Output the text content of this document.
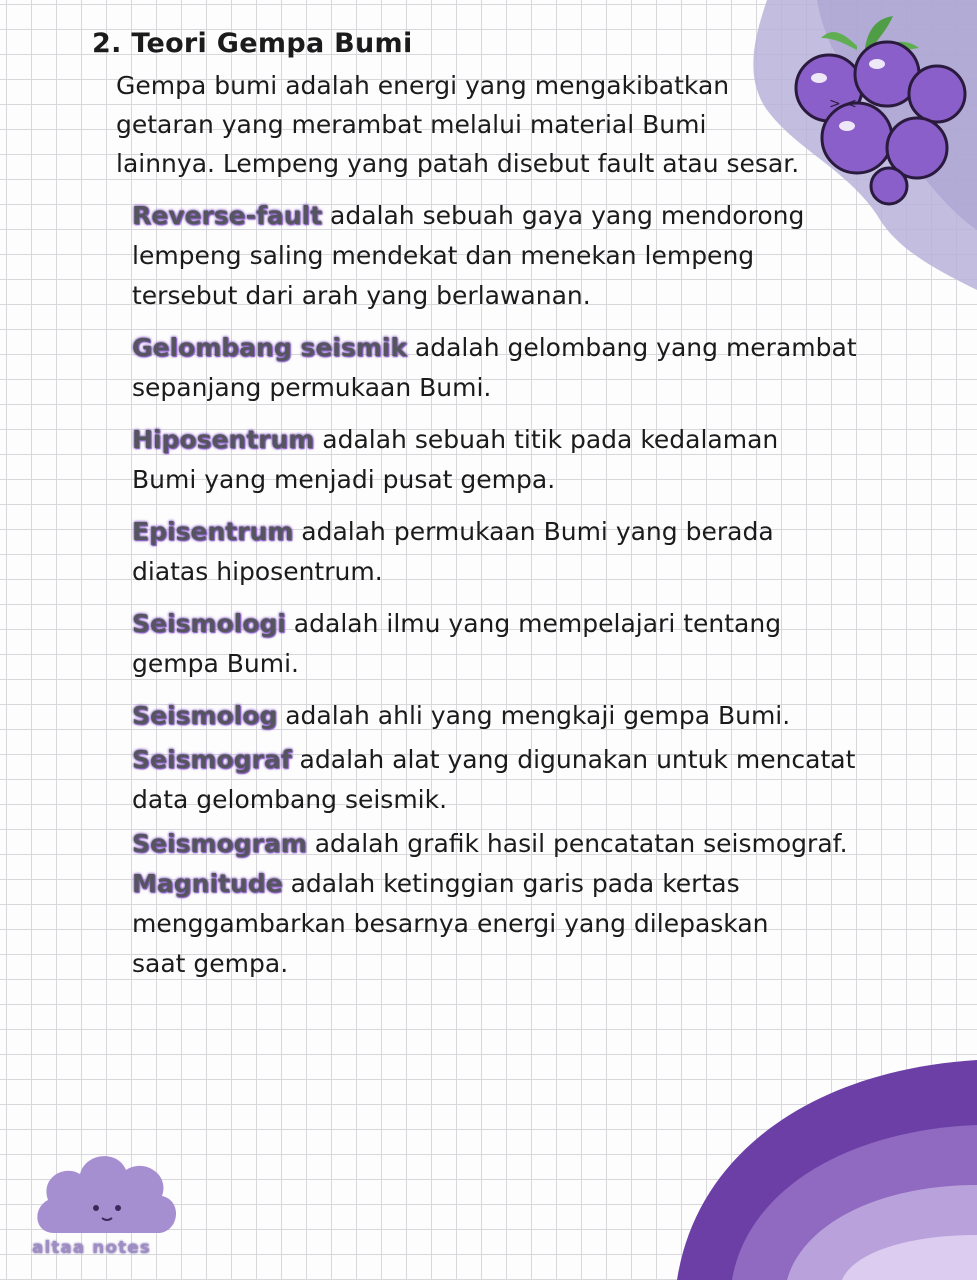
> <
2. Teori Gempa Bumi

Gempa bumi adalah energi yang mengakibatkan

getaran yang merambat melalui material Bumi

lainnya. Lempeng yang patah disebut fault atau sesar.

Reverse-fault adalah sebuah gaya yang mendorong

lempeng saling mendekat dan menekan lempeng

tersebut dari arah yang berlawanan.

Gelombang seismik adalah gelombang yang merambat

sepanjang permukaan Bumi.

Hiposentrum adalah sebuah titik pada kedalaman

Bumi yang menjadi pusat gempa.

Episentrum adalah permukaan Bumi yang berada

diatas hiposentrum.

Seismologi adalah ilmu yang mempelajari tentang

gempa Bumi.

Seismolog adalah ahli yang mengkaji gempa Bumi.

Seismograf adalah alat yang digunakan untuk mencatat

data gelombang seismik.

Seismogram adalah grafik hasil pencatatan seismograf.

Magnitude adalah ketinggian garis pada kertas

menggambarkan besarnya energi yang dilepaskan

saat gempa.

altaa notes
